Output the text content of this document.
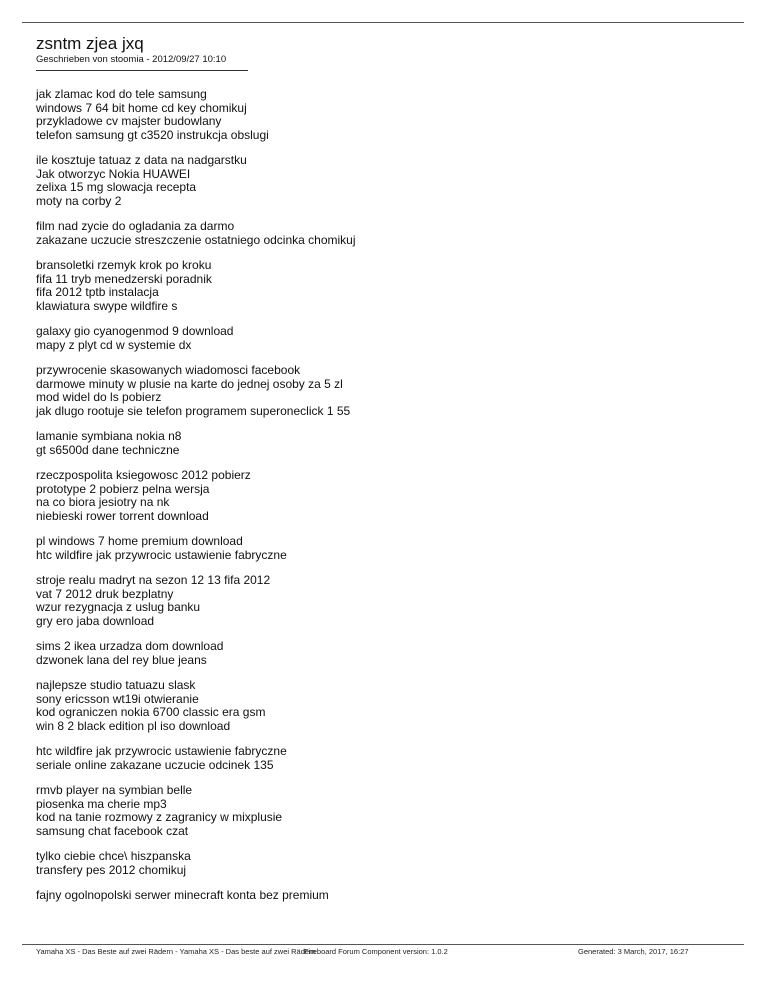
zsntm zjea jxq

Geschrieben von stoomia - 2012/09/27 10:10

jak zlamac kod do tele samsung
windows 7 64 bit home cd key chomikuj
przykladowe cv majster budowlany
telefon samsung gt c3520 instrukcja obslugi
ile kosztuje tatuaz z data na nadgarstku
Jak otworzyc Nokia HUAWEI
zelixa 15 mg slowacja recepta
moty na corby 2
film nad zycie do ogladania za darmo
zakazane uczucie streszczenie ostatniego odcinka chomikuj
bransoletki rzemyk krok po kroku
fifa 11 tryb menedzerski poradnik
fifa 2012 tptb instalacja
klawiatura swype wildfire s
galaxy gio cyanogenmod 9 download
mapy z plyt cd w systemie dx
przywrocenie skasowanych wiadomosci facebook
darmowe minuty w plusie na karte do jednej osoby za 5 zl
mod widel do ls pobierz
jak dlugo rootuje sie telefon programem superoneclick 1 55
lamanie symbiana nokia n8
gt s6500d dane techniczne
rzeczpospolita ksiegowosc 2012 pobierz
prototype 2 pobierz pelna wersja
na co biora jesiotry na nk
niebieski rower torrent download
pl windows 7 home premium download
htc wildfire jak przywrocic ustawienie fabryczne
stroje realu madryt na sezon 12 13 fifa 2012
vat 7 2012 druk bezplatny
wzur rezygnacja z uslug banku
gry ero jaba download
sims 2 ikea urzadza dom download
dzwonek lana del rey blue jeans
najlepsze studio tatuazu slask
sony ericsson wt19i otwieranie
kod ograniczen nokia 6700 classic era gsm
win 8 2 black edition pl iso download
htc wildfire jak przywrocic ustawienie fabryczne
seriale online zakazane uczucie odcinek 135
rmvb player na symbian belle
piosenka ma cherie mp3
kod na tanie rozmowy z zagranicy w mixplusie
samsung chat facebook czat
tylko ciebie chce\ hiszpanska
transfery pes 2012 chomikuj
fajny ogolnopolski serwer minecraft konta bez premium
Yamaha XS - Das Beste auf zwei Rädern - Yamaha XS - Das beste auf zwei Rädern
Fireboard Forum Component version: 1.0.2	Generated: 3 March, 2017, 16:27
